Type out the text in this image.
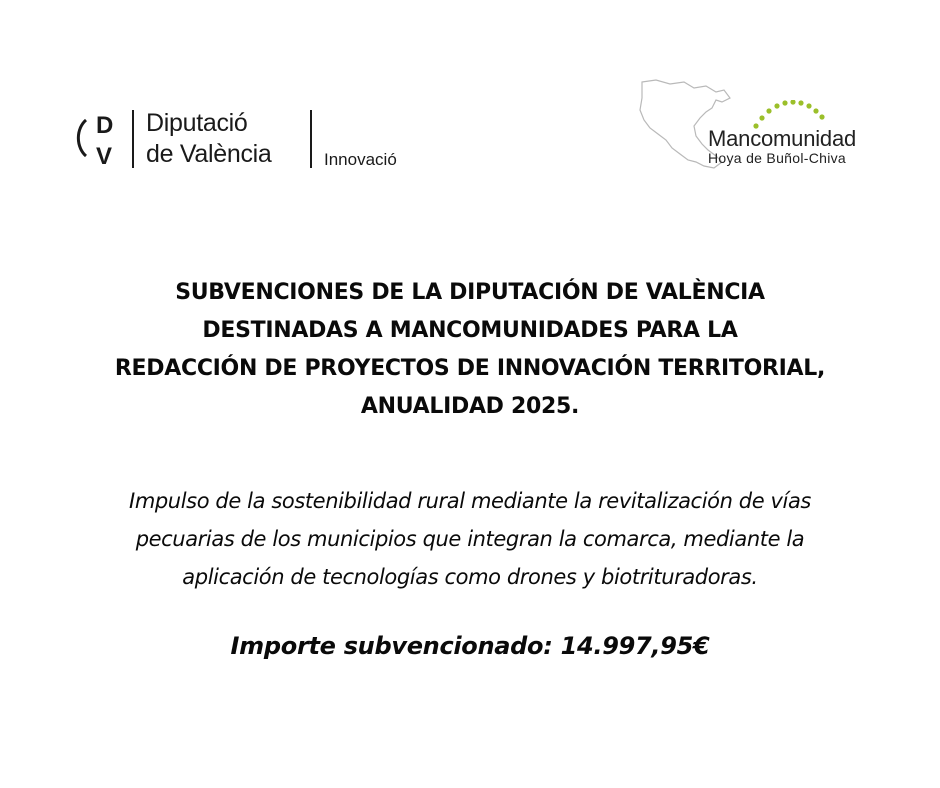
D
V
Diputació
de València	Innovació
Mancomunidad
Hoya de Buñol-Chiva
SUBVENCIONES DE LA DIPUTACIÓN DE VALÈNCIA
DESTINADAS A MANCOMUNIDADES PARA LA
REDACCIÓN DE PROYECTOS DE INNOVACIÓN TERRITORIAL,
ANUALIDAD 2025.
Impulso de la sostenibilidad rural mediante la revitalización de vías
pecuarias de los municipios que integran la comarca, mediante la
aplicación de tecnologías como drones y biotrituradoras.
Importe subvencionado: 14.997,95€
